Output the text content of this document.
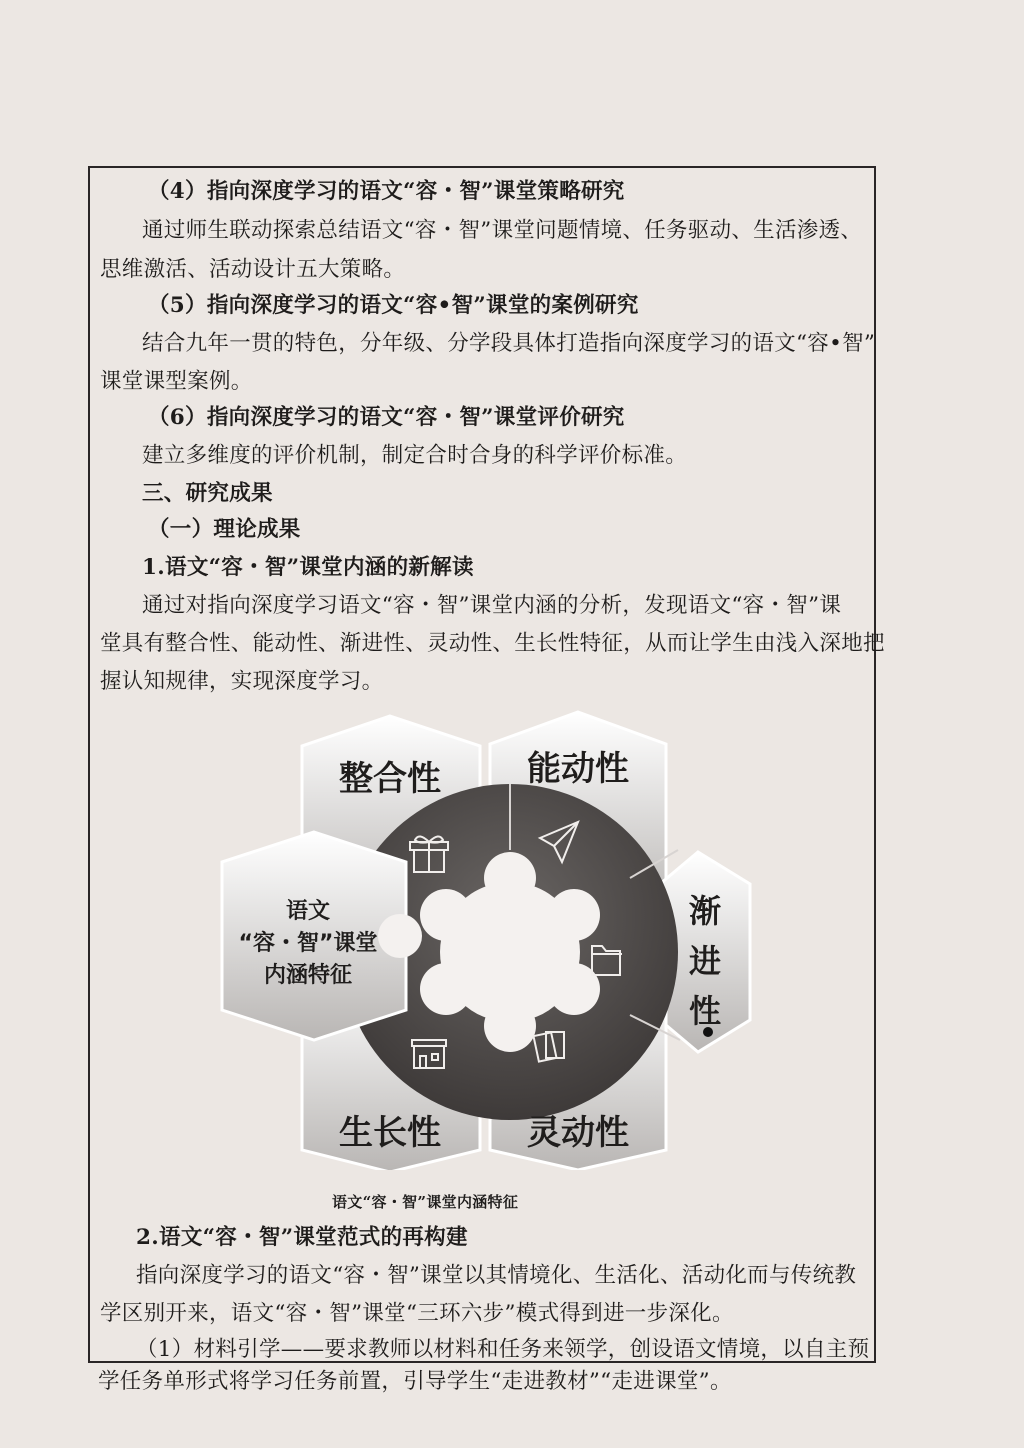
（4）指向深度学习的语文“容・智”课堂策略研究
通过师生联动探索总结语文“容・智”课堂问题情境、任务驱动、生活渗透、
思维激活、活动设计五大策略。
（5）指向深度学习的语文“容•智”课堂的案例研究
结合九年一贯的特色，分年级、分学段具体打造指向深度学习的语文“容•智”
课堂课型案例。
（6）指向深度学习的语文“容・智”课堂评价研究
建立多维度的评价机制，制定合时合身的科学评价标准。
三、研究成果
（一）理论成果
1.语文“容・智”课堂内涵的新解读
通过对指向深度学习语文“容・智”课堂内涵的分析，发现语文“容・智”课
堂具有整合性、能动性、渐进性、灵动性、生长性特征，从而让学生由浅入深地把
握认知规律，实现深度学习。
整合性	能动性
渐
进
性
灵动性
生长性
语文
“容・智”课堂
内涵特征
语文“容・智”课堂内涵特征
2.语文“容・智”课堂范式的再构建
指向深度学习的语文“容・智”课堂以其情境化、生活化、活动化而与传统教
学区别开来，语文“容・智”课堂“三环六步”模式得到进一步深化。
（1）材料引学——要求教师以材料和任务来领学，创设语文情境，以自主预
学任务单形式将学习任务前置，引导学生“走进教材”“走进课堂”。
